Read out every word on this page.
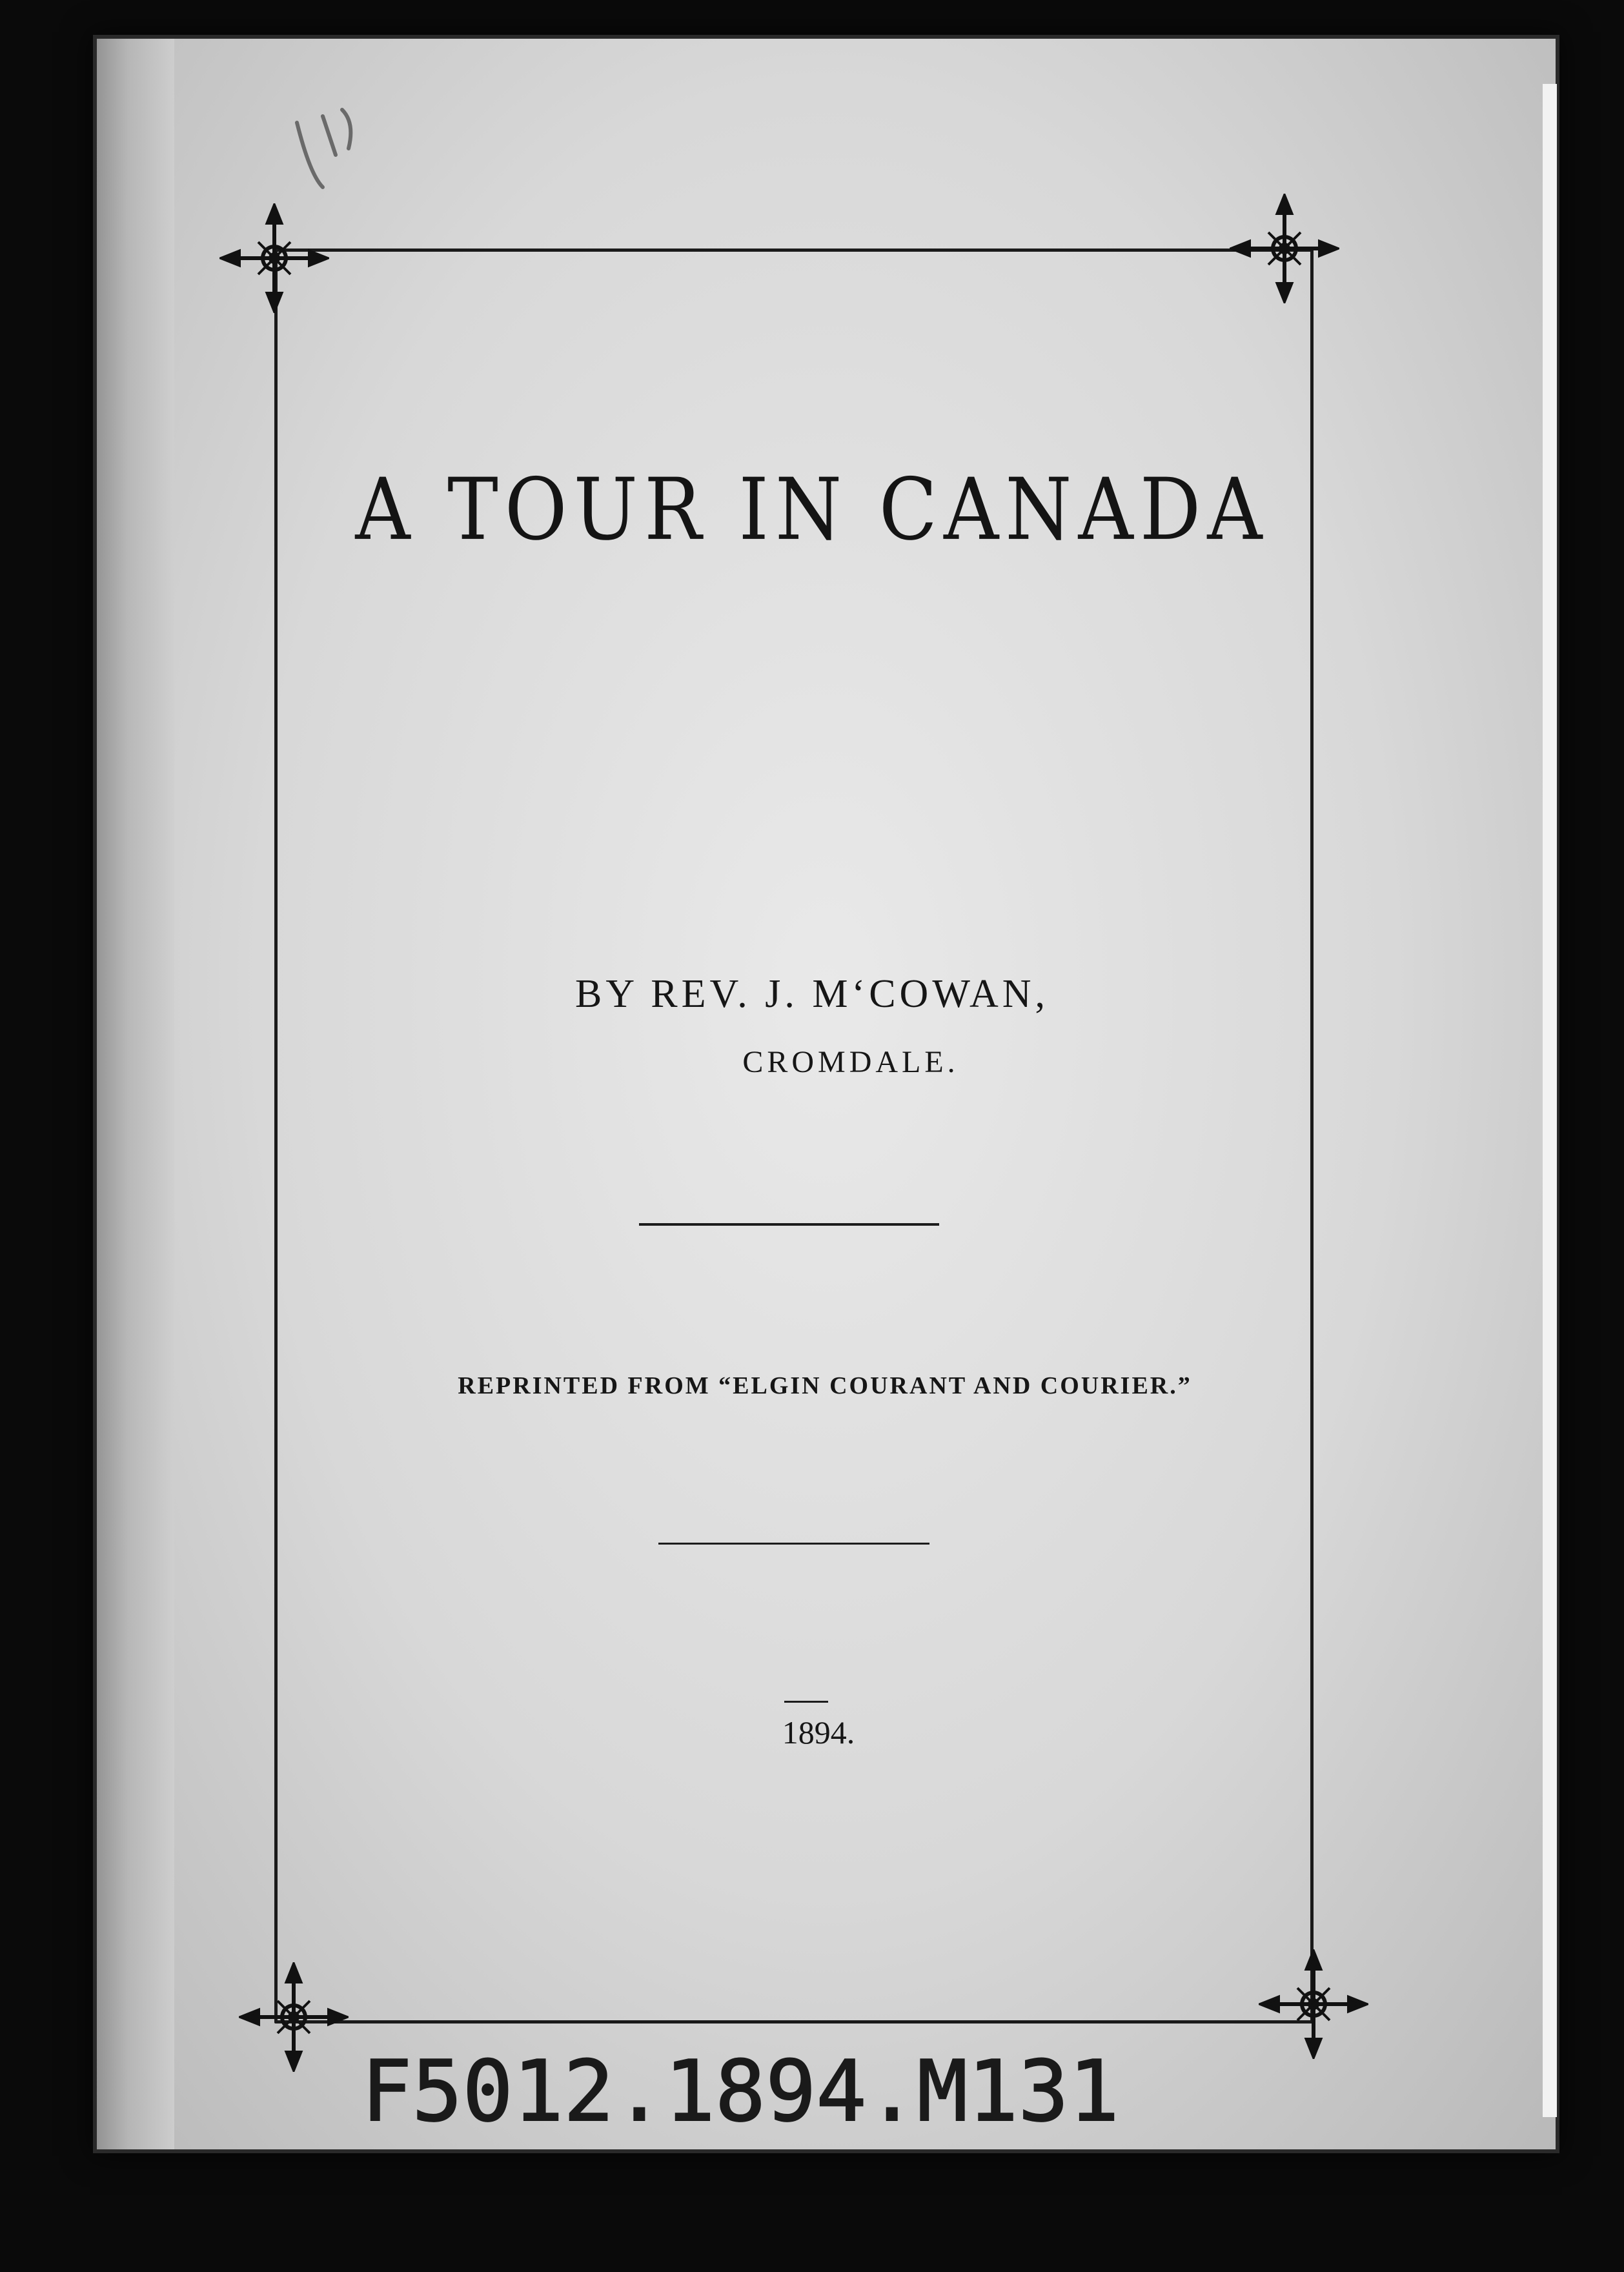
A TOUR IN CANADA
BY REV. J. M‘COWAN,
CROMDALE.
REPRINTED FROM “ELGIN COURANT AND COURIER.”
1894.
F5012.1894.M131
